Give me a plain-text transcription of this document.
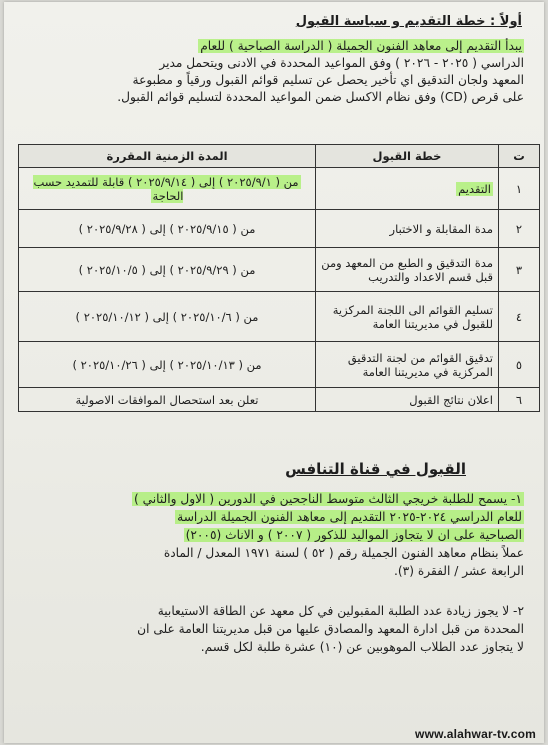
أولاً : خطة التقديم و سياسة القبول

يبدأ التقديم إلى معاهد الفنون الجميلة ( الدراسة الصباحية ) للعام

الدراسي ( ٢٠٢٥ - ٢٠٢٦ ) وفق المواعيد المحددة في الادنى ويتحمل مدير

المعهد ولجان التدقيق اي تأخير يحصل عن تسليم قوائم القبول ورقياً و مطبوعة

على قرص (CD) وفق نظام الاكسل ضمن المواعيد المحددة لتسليم قوائم القبول.

ت	خطة القبول	المدة الزمنية المقررة
١	التقديم	من ( ٢٠٢٥/٩/١ ) إلى ( ٢٠٢٥/٩/١٤ ) قابلة للتمديد حسب الحاجة
٢	مدة المقابلة و الاختبار	من ( ٢٠٢٥/٩/١٥ ) إلى ( ٢٠٢٥/٩/٢٨ )
٣	مدة التدقيق و الطبع من المعهد ومن قبل قسم الاعداد والتدريب	من ( ٢٠٢٥/٩/٢٩ ) إلى ( ٢٠٢٥/١٠/٥ )
٤	تسليم القوائم الى اللجنة المركزية للقبول في مديريتنا العامة	من ( ٢٠٢٥/١٠/٦ ) إلى ( ٢٠٢٥/١٠/١٢ )
٥	تدقيق القوائم من لجنة التدقيق المركزية في مديريتنا العامة	من ( ٢٠٢٥/١٠/١٣ ) إلى ( ٢٠٢٥/١٠/٢٦ )
٦	اعلان نتائج القبول	تعلن بعد استحصال الموافقات الاصولية
القبول في قناة التنافس

١- يسمح للطلبة خريجي الثالث متوسط الناجحين في الدورين ( الاول والثاني )

للعام الدراسي ٢٠٢٤-٢٠٢٥ التقديم إلى معاهد الفنون الجميلة الدراسة

الصباحية على ان لا يتجاوز المواليد للذكور ( ٢٠٠٧ ) و الاناث (٢٠٠٥)

عملاً بنظام معاهد الفنون الجميلة رقم ( ٥٢ ) لسنة ١٩٧١ المعدل / المادة

الرابعة عشر / الفقرة (٣).

٢- لا يجوز زيادة عدد الطلبة المقبولين في كل معهد عن الطاقة الاستيعابية

المحددة من قبل ادارة المعهد والمصادق عليها من قبل مديريتنا العامة على ان

لا يتجاوز عدد الطلاب الموهوبين عن (١٠) عشرة طلبة لكل قسم.

www.alahwar-tv.com
